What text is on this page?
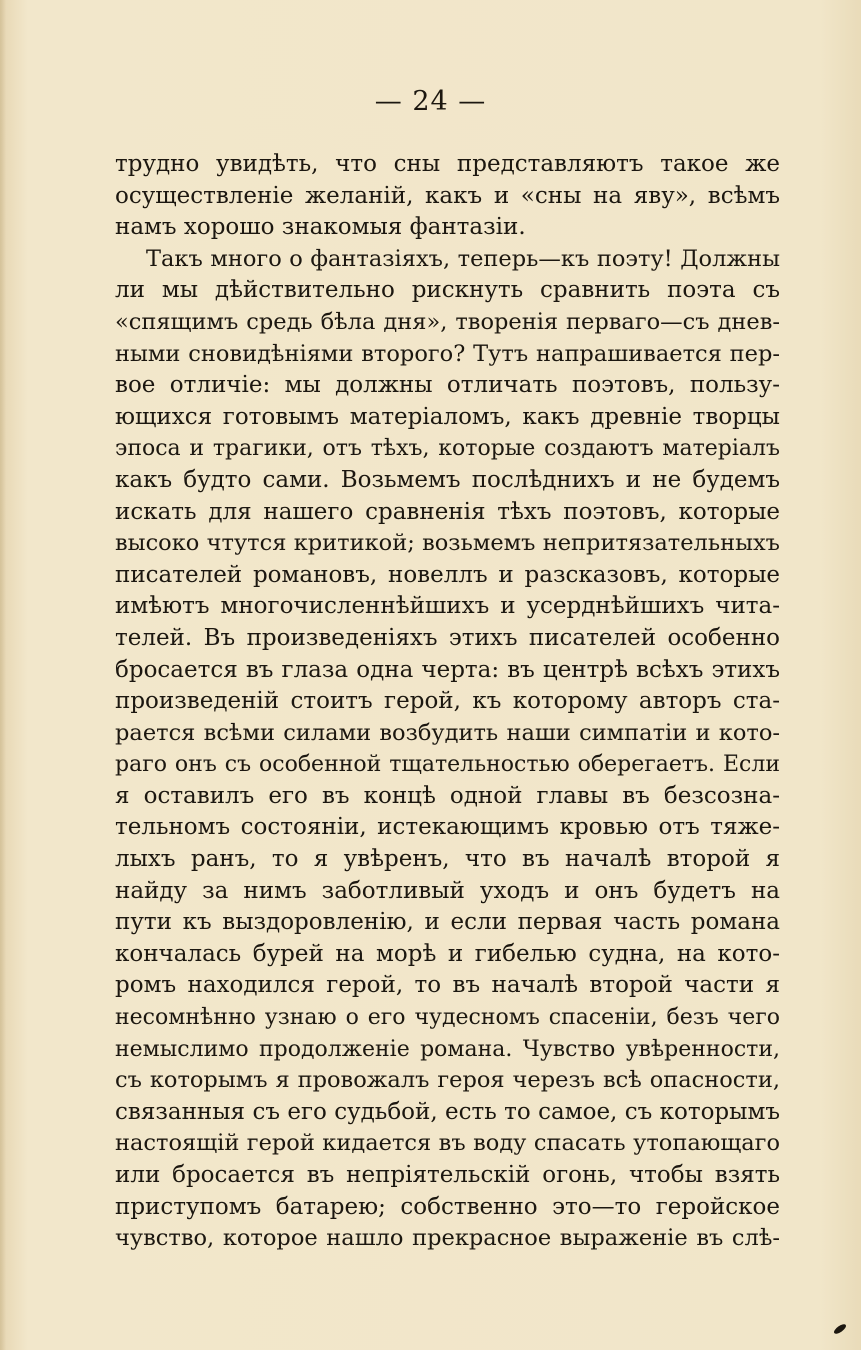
— 24 —
трудно увидѣть, что сны представляютъ такое же
осуществленіе желаній, какъ и «сны на яву», всѣмъ
намъ хорошо знакомыя фантазіи.
Такъ много о фантазіяхъ, теперь—къ поэту! Должны
ли мы дѣйствительно рискнуть сравнить поэта съ
«спящимъ средь бѣла дня», творенія перваго—съ днев-
ными сновидѣніями второго? Тутъ напрашивается пер-
вое отличіе: мы должны отличать поэтовъ, пользу-
ющихся готовымъ матеріаломъ, какъ древніе творцы
эпоса и трагики, отъ тѣхъ, которые создаютъ матеріалъ
какъ будто сами. Возьмемъ послѣднихъ и не будемъ
искать для нашего сравненія тѣхъ поэтовъ, которые
высоко чтутся критикой; возьмемъ непритязательныхъ
писателей романовъ, новеллъ и разсказовъ, которые
имѣютъ многочисленнѣйшихъ и усерднѣйшихъ чита-
телей. Въ произведеніяхъ этихъ писателей особенно
бросается въ глаза одна черта: въ центрѣ всѣхъ этихъ
произведеній стоитъ герой, къ которому авторъ ста-
рается всѣми силами возбудить наши симпатіи и кото-
раго онъ съ особенной тщательностью оберегаетъ. Если
я оставилъ его въ концѣ одной главы въ безсозна-
тельномъ состояніи, истекающимъ кровью отъ тяже-
лыхъ ранъ, то я увѣренъ, что въ началѣ второй я
найду за нимъ заботливый уходъ и онъ будетъ на
пути къ выздоровленію, и если первая часть романа
кончалась бурей на морѣ и гибелью судна, на кото-
ромъ находился герой, то въ началѣ второй части я
несомнѣнно узнаю о его чудесномъ спасеніи, безъ чего
немыслимо продолженіе романа. Чувство увѣренности,
съ которымъ я провожалъ героя черезъ всѣ опасности,
связанныя съ его судьбой, есть то самое, съ которымъ
настоящій герой кидается въ воду спасать утопающаго
или бросается въ непріятельскій огонь, чтобы взять
приступомъ батарею; собственно это—то геройское
чувство, которое нашло прекрасное выраженіе въ слѣ-
